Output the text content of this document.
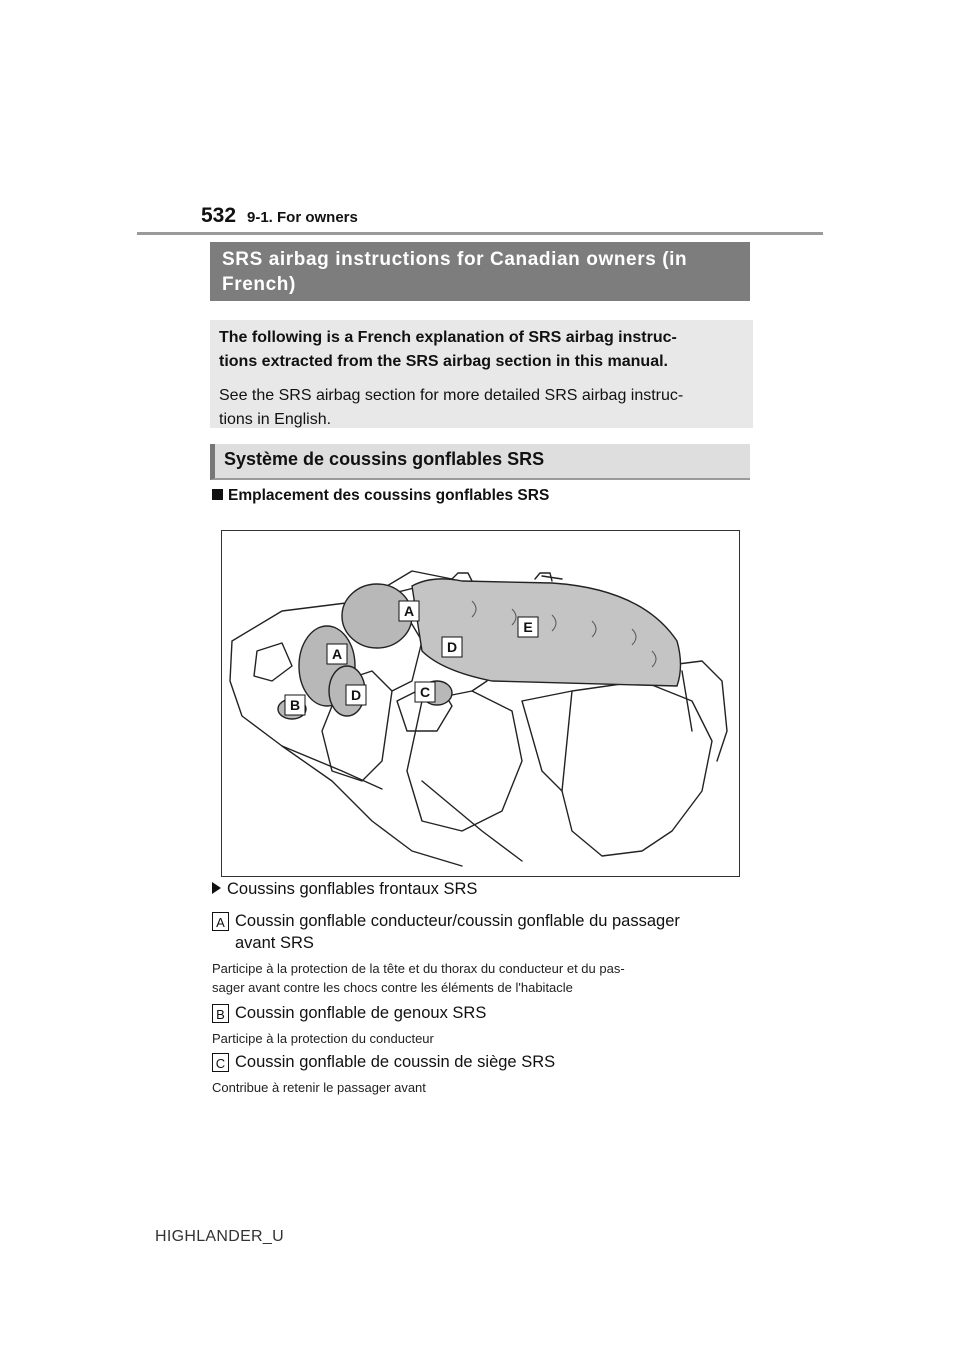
532 9-1. For owners
SRS airbag instructions for Canadian owners (in
French)

The following is a French explanation of SRS airbag instruc-

tions extracted from the SRS airbag section in this manual.

See the SRS airbag section for more detailed SRS airbag instruc-

tions in English.

Système de coussins gonflables SRS
Emplacement des coussins gonflables SRS
A
A
B
C
D
D
E
Coussins gonflables frontaux SRS
A Coussin gonflable conducteur/coussin gonflable du passager
avant SRS
Participe à la protection de la tête et du thorax du conducteur et du pas-
sager avant contre les chocs contre les éléments de l'habitacle
B Coussin gonflable de genoux SRS
Participe à la protection du conducteur
C Coussin gonflable de coussin de siège SRS
Contribue à retenir le passager avant
HIGHLANDER_U
